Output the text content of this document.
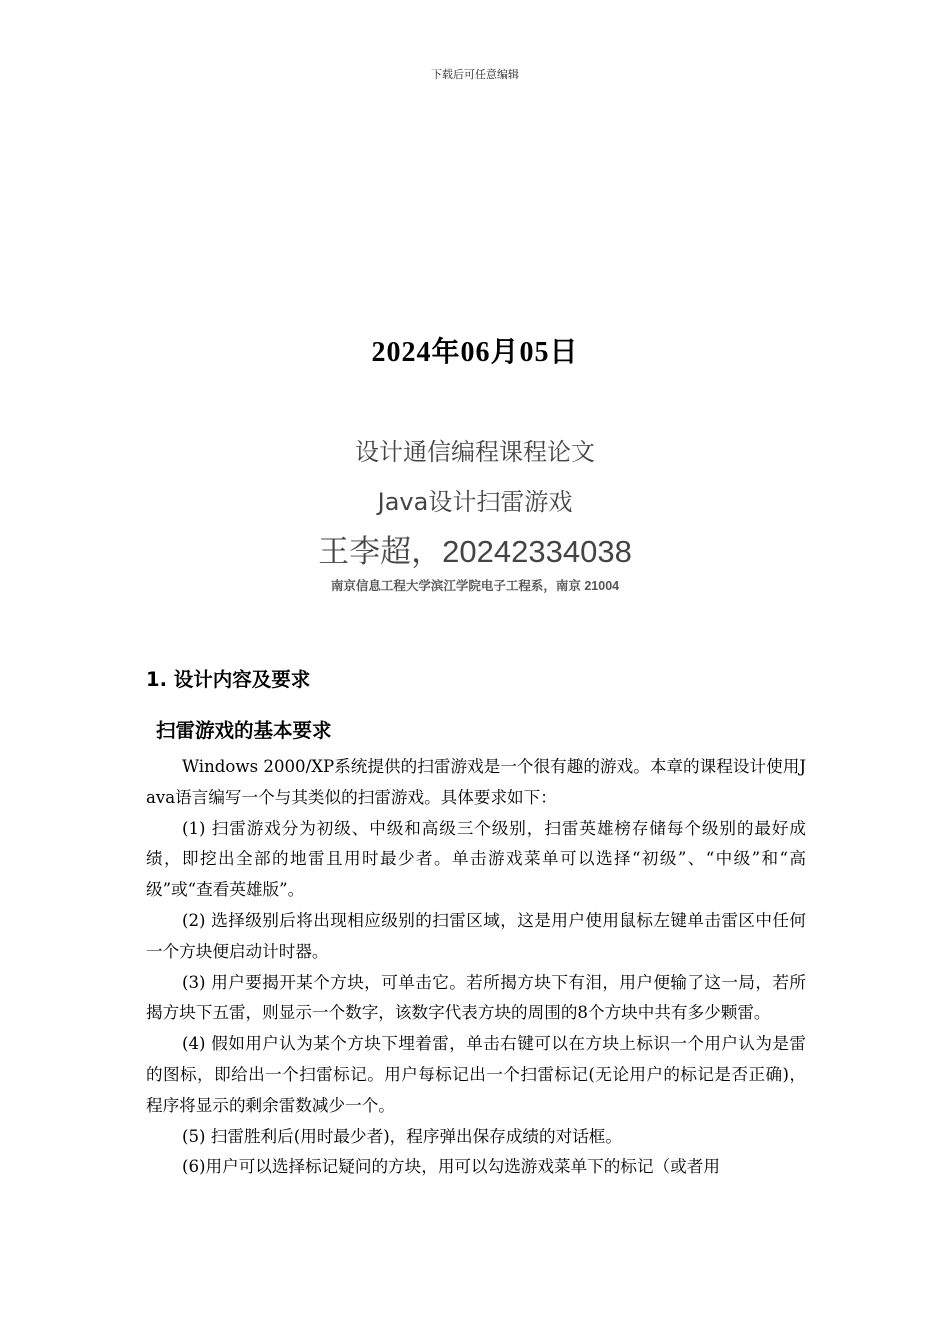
下载后可任意编辑
2024年06月05日
设计通信编程课程论文
Java设计扫雷游戏
王李超，20242334038
南京信息工程大学滨江学院电子工程系，南京 21004
1. 设计内容及要求
扫雷游戏的基本要求

Windows 2000/XP系统提供的扫雷游戏是一个很有趣的游戏。本章的课程设计使用Java语言编写一个与其类似的扫雷游戏。具体要求如下：

(1) 扫雷游戏分为初级、中级和高级三个级别，扫雷英雄榜存储每个级别的最好成绩，即挖出全部的地雷且用时最少者。单击游戏菜单可以选择“初级”、“中级”和“高级”或“查看英雄版”。

(2) 选择级别后将出现相应级别的扫雷区域，这是用户使用鼠标左键单击雷区中任何一个方块便启动计时器。

(3) 用户要揭开某个方块，可单击它。若所揭方块下有泪，用户便输了这一局，若所揭方块下五雷，则显示一个数字，该数字代表方块的周围的8个方块中共有多少颗雷。

(4) 假如用户认为某个方块下埋着雷，单击右键可以在方块上标识一个用户认为是雷的图标，即给出一个扫雷标记。用户每标记出一个扫雷标记(无论用户的标记是否正确)，程序将显示的剩余雷数减少一个。

(5) 扫雷胜利后(用时最少者)，程序弹出保存成绩的对话框。

(6)用户可以选择标记疑问的方块，用可以勾选游戏菜单下的标记（或者用
